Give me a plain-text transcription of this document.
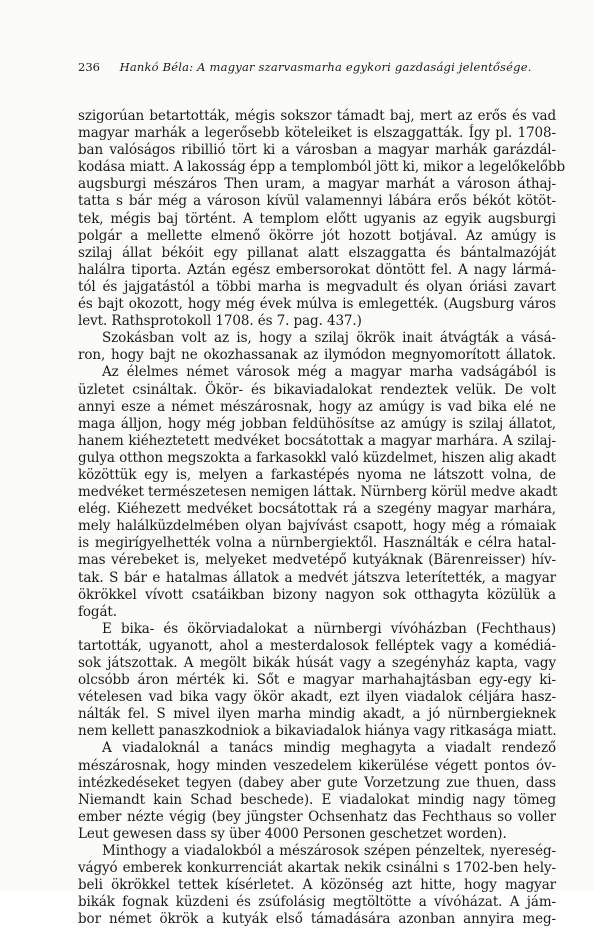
236 Hankó Béla: A magyar szarvasmarha egykori gazdasági jelentősége.
szigorúan betartották, mégis sokszor támadt baj, mert az erős és vad
magyar marhák a legerősebb köteleiket is elszaggatták. Így pl. 1708-
ban valóságos ribillió tört ki a városban a magyar marhák garázdál-
kodása miatt. A lakosság épp a templomból jött ki, mikor a legelőkelőbb
augsburgi mészáros Then uram, a magyar marhát a városon áthaj-
tatta s bár még a városon kívül valamennyi lábára erős békót kötöt-
tek, mégis baj történt. A templom előtt ugyanis az egyik augsburgi
polgár a mellette elmenő ökörre jót hozott botjával. Az amúgy is
szilaj állat békóit egy pillanat alatt elszaggatta és bántalmazóját
halálra tiporta. Aztán egész embersorokat döntött fel. A nagy lármá-
tól és jajgatástól a többi marha is megvadult és olyan óriási zavart
és bajt okozott, hogy még évek múlva is emlegették. (Augsburg város
levt. Rathsprotokoll 1708. és 7. pag. 437.)
Szokásban volt az is, hogy a szilaj ökrök inait átvágták a vásá-
ron, hogy bajt ne okozhassanak az ilymódon megnyomorított állatok.
Az élelmes német városok még a magyar marha vadságából is
üzletet csináltak. Ökör- és bikaviadalokat rendeztek velük. De volt
annyi esze a német mészárosnak, hogy az amúgy is vad bika elé ne
maga álljon, hogy még jobban feldühösítse az amúgy is szilaj állatot,
hanem kiéheztetett medvéket bocsátottak a magyar marhára. A szilaj-
gulya otthon megszokta a farkasokkl való küzdelmet, hiszen alig akadt
közöttük egy is, melyen a farkastépés nyoma ne látszott volna, de
medvéket természetesen nemigen láttak. Nürnberg körül medve akadt
elég. Kiéhezett medvéket bocsátottak rá a szegény magyar marhára,
mely halálküzdelmében olyan bajvívást csapott, hogy még a rómaiak
is megirígyelhették volna a nürnbergiektől. Használták e célra hatal-
mas vérebeket is, melyeket medvetépő kutyáknak (Bärenreisser) hív-
tak. S bár e hatalmas állatok a medvét játszva leterítették, a magyar
ökrökkel vívott csatáikban bizony nagyon sok otthagyta közülük a
fogát.
E bika- és ökörviadalokat a nürnbergi vívóházban (Fechthaus)
tartották, ugyanott, ahol a mesterdalosok felléptek vagy a komédiá-
sok játszottak. A megölt bikák húsát vagy a szegényház kapta, vagy
olcsóbb áron mérték ki. Sőt e magyar marhahajtásban egy-egy ki-
vételesen vad bika vagy ökör akadt, ezt ilyen viadalok céljára hasz-
nálták fel. S mivel ilyen marha mindig akadt, a jó nürnbergieknek
nem kellett panaszkodniok a bikaviadalok hiánya vagy ritkasága miatt.
A viadaloknál a tanács mindig meghagyta a viadalt rendező
mészárosnak, hogy minden veszedelem kikerülése végett pontos óv-
intézkedéseket tegyen (dabey aber gute Vorzetzung zue thuen, dass
Niemandt kain Schad beschede). E viadalokat mindig nagy tömeg
ember nézte végig (bey jüngster Ochsenhatz das Fechthaus so voller
Leut gewesen dass sy über 4000 Personen geschetzet worden).
Minthogy a viadalokból a mészárosok szépen pénzeltek, nyereség-
vágyó emberek konkurrenciát akartak nekik csinálni s 1702-ben hely-
beli ökrökkel tettek kísérletet. A közönség azt hitte, hogy magyar
bikák fognak küzdeni és zsúfolásig megtöltötte a vívóházat. A jám-
bor német ökrök a kutyák első támadására azonban annyira meg-
